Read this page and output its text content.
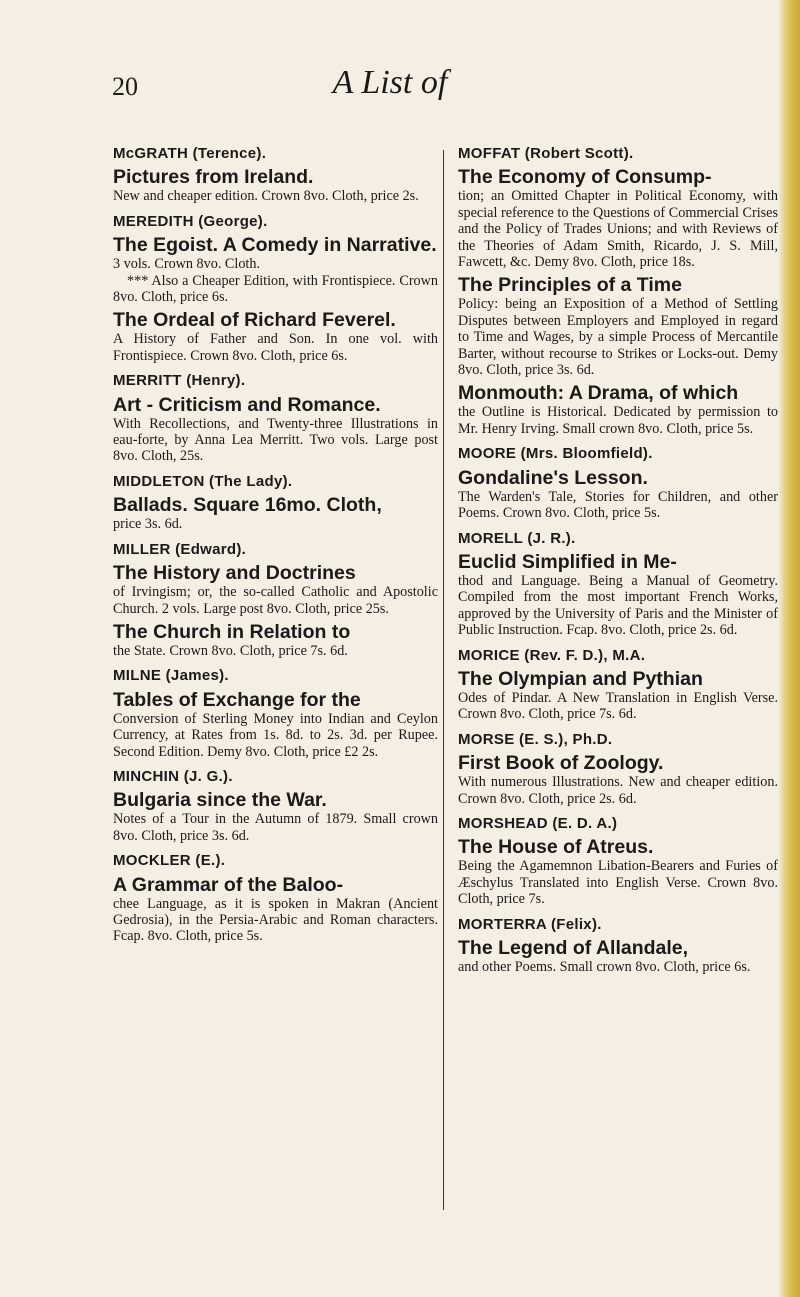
20	A List of
McGRATH (Terence).
Pictures from Ireland.
New and cheaper edition. Crown 8vo. Cloth, price 2s.
MEREDITH (George).
The Egoist. A Comedy in Narrative.
3 vols. Crown 8vo. Cloth.
*** Also a Cheaper Edition, with Frontispiece. Crown 8vo. Cloth, price 6s.
The Ordeal of Richard Feverel.
A History of Father and Son. In one vol. with Frontispiece. Crown 8vo. Cloth, price 6s.
MERRITT (Henry).
Art - Criticism and Romance.
With Recollections, and Twenty-three Illustrations in eau-forte, by Anna Lea Merritt. Two vols. Large post 8vo. Cloth, 25s.
MIDDLETON (The Lady).
Ballads. Square 16mo. Cloth,
price 3s. 6d.
MILLER (Edward).
The History and Doctrines
of Irvingism; or, the so-called Catholic and Apostolic Church. 2 vols. Large post 8vo. Cloth, price 25s.
The Church in Relation to
the State. Crown 8vo. Cloth, price 7s. 6d.
MILNE (James).
Tables of Exchange for the
Conversion of Sterling Money into Indian and Ceylon Currency, at Rates from 1s. 8d. to 2s. 3d. per Rupee. Second Edition. Demy 8vo. Cloth, price £2 2s.
MINCHIN (J. G.).
Bulgaria since the War.
Notes of a Tour in the Autumn of 1879. Small crown 8vo. Cloth, price 3s. 6d.
MOCKLER (E.).
A Grammar of the Baloo-
chee Language, as it is spoken in Makran (Ancient Gedrosia), in the Persia-Arabic and Roman characters. Fcap. 8vo. Cloth, price 5s.
MOFFAT (Robert Scott).
The Economy of Consump-
tion; an Omitted Chapter in Political Economy, with special reference to the Questions of Commercial Crises and the Policy of Trades Unions; and with Reviews of the Theories of Adam Smith, Ricardo, J. S. Mill, Fawcett, &c. Demy 8vo. Cloth, price 18s.
The Principles of a Time
Policy: being an Exposition of a Method of Settling Disputes between Employers and Employed in regard to Time and Wages, by a simple Process of Mercantile Barter, without recourse to Strikes or Locks-out. Demy 8vo. Cloth, price 3s. 6d.
Monmouth: A Drama, of which
the Outline is Historical. Dedicated by permission to Mr. Henry Irving. Small crown 8vo. Cloth, price 5s.
MOORE (Mrs. Bloomfield).
Gondaline's Lesson.
The Warden's Tale, Stories for Children, and other Poems. Crown 8vo. Cloth, price 5s.
MORELL (J. R.).
Euclid Simplified in Me-
thod and Language. Being a Manual of Geometry. Compiled from the most important French Works, approved by the University of Paris and the Minister of Public Instruction. Fcap. 8vo. Cloth, price 2s. 6d.
MORICE (Rev. F. D.), M.A.
The Olympian and Pythian
Odes of Pindar. A New Translation in English Verse. Crown 8vo. Cloth, price 7s. 6d.
MORSE (E. S.), Ph.D.
First Book of Zoology.
With numerous Illustrations. New and cheaper edition. Crown 8vo. Cloth, price 2s. 6d.
MORSHEAD (E. D. A.)
The House of Atreus.
Being the Agamemnon Libation-Bearers and Furies of Æschylus Translated into English Verse. Crown 8vo. Cloth, price 7s.
MORTERRA (Felix).
The Legend of Allandale,
and other Poems. Small crown 8vo. Cloth, price 6s.
